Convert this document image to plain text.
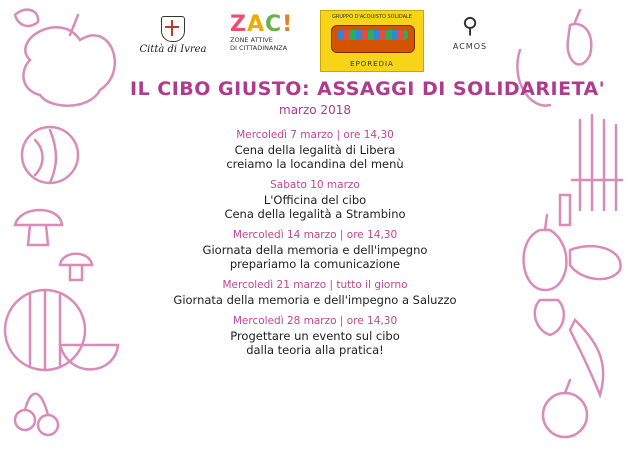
Città di Ivrea
ZAC!
ZONE ATTIVE
DI CITTADINANZA
GRUPPO D'ACQUISTO SOLIDALE
EPOREDIA
⚲
ACMOS
IL CIBO GIUSTO: ASSAGGI DI SOLIDARIETA'
marzo 2018
Mercoledì 7 marzo | ore 14,30
Cena della legalità di Libera
creiamo la locandina del menù
Sabato 10 marzo
L'Officina del cibo
Cena della legalità a Strambino
Mercoledì 14 marzo | ore 14,30
Giornata della memoria e dell'impegno
prepariamo la comunicazione
Mercoledì 21 marzo | tutto il giorno
Giornata della memoria e dell'impegno a Saluzzo
Mercoledì 28 marzo | ore 14,30
Progettare un evento sul cibo
dalla teoria alla pratica!
